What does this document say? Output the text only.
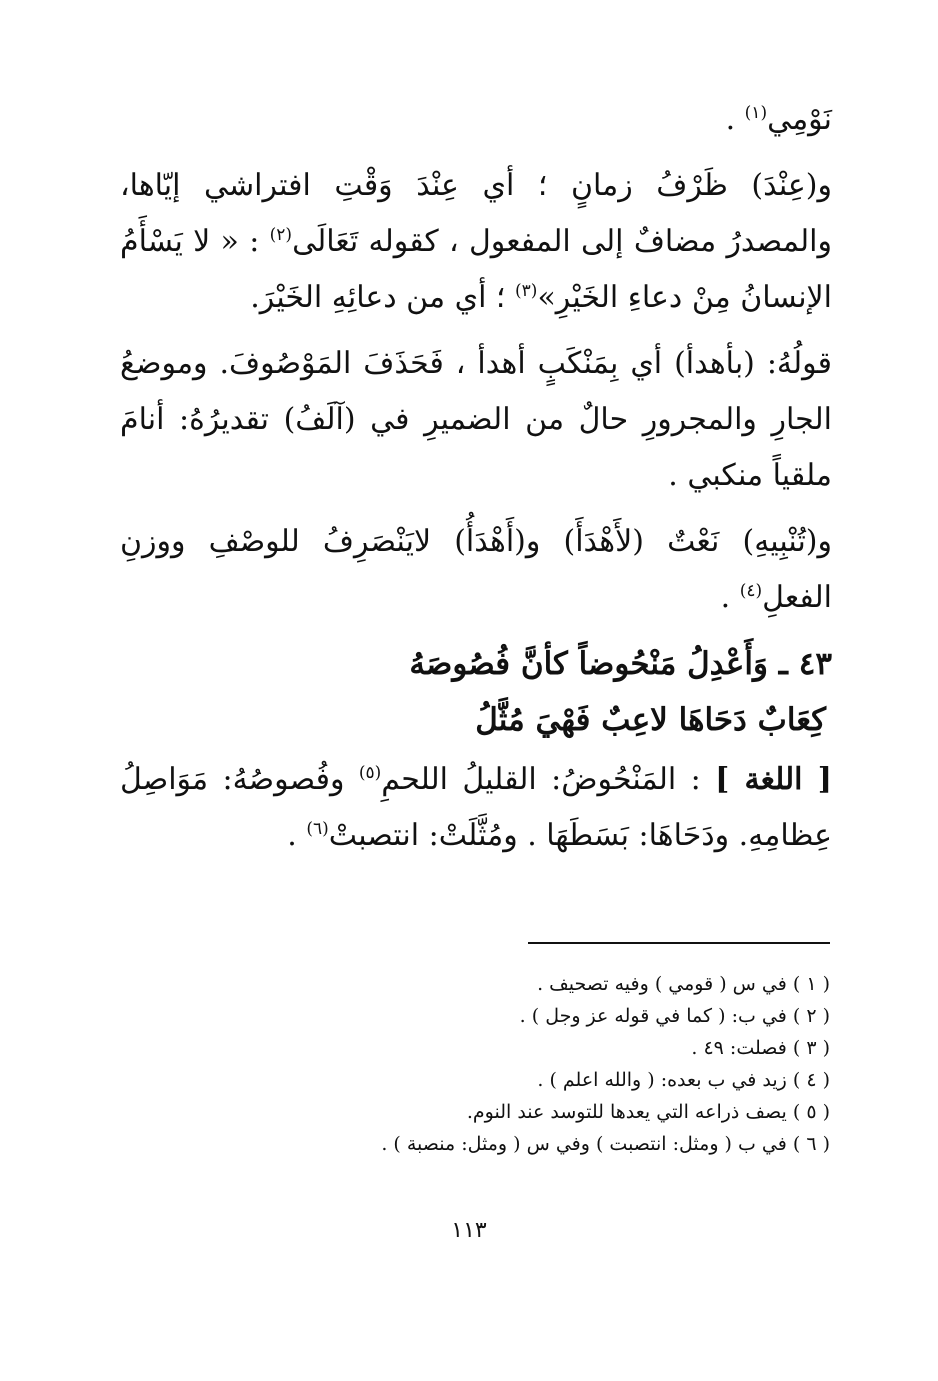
نَوْمِي$^{(١)}$ .

و(عِنْدَ) ظَرْفُ زمانٍ ؛ أي عِنْدَ وَقْتِ افتراشي إيّاها، والمصدرُ مضافٌ إلى المفعول ، كقوله تَعَالَى$^{(٢)}$ : « لا يَسْأَمُ الإنسانُ مِنْ دعاءِ الخَيْرِ»$^{(٣)}$ ؛ أي من دعائِهِ الخَيْرَ.

قولُهُ: (بأهدأ) أي بِمَنْكَبٍ أهدأ ، فَحَذَفَ المَوْصُوفَ. وموضعُ الجارِ والمجرورِ حالٌ من الضميرِ في (آلَفُ) تقديرُهُ: أنامَ ملقياً منكبي .

و(تُنْبِيهِ) نَعْتٌ (لأَهْدَأَ) و(أَهْدَأُ) لايَنْصَرِفُ للوصْفِ ووزنِ الفعلِ$^{(٤)}$ .

٤٣ ـ وَأَعْدِلُ مَنْحُوضاً كأنَّ فُصُوصَهُ

كِعَابٌ دَحَاهَا لاعِبٌ فَهْيَ مُثَّلُ

[ اللغة ] : المَنْحُوضُ: القليلُ اللحمِ$^{(٥)}$ وفُصوصُهُ: مَوَاصِلُ عِظامِهِ. ودَحَاهَا: بَسَطَهَا . ومُثَّلَتْ: انتصبتْ$^{(٦)}$ .

( ١ ) في س ( قومي ) وفيه تصحيف .
( ٢ ) في ب: ( كما في قوله عز وجل ) .
( ٣ ) فصلت: ٤٩ .
( ٤ ) زيد في ب بعده: ( والله اعلم ) .
( ٥ ) يصف ذراعه التي يعدها للتوسد عند النوم.
( ٦ ) في ب ( ومثل: انتصبت ) وفي س ( ومثل: منصبة ) .
١١٣
